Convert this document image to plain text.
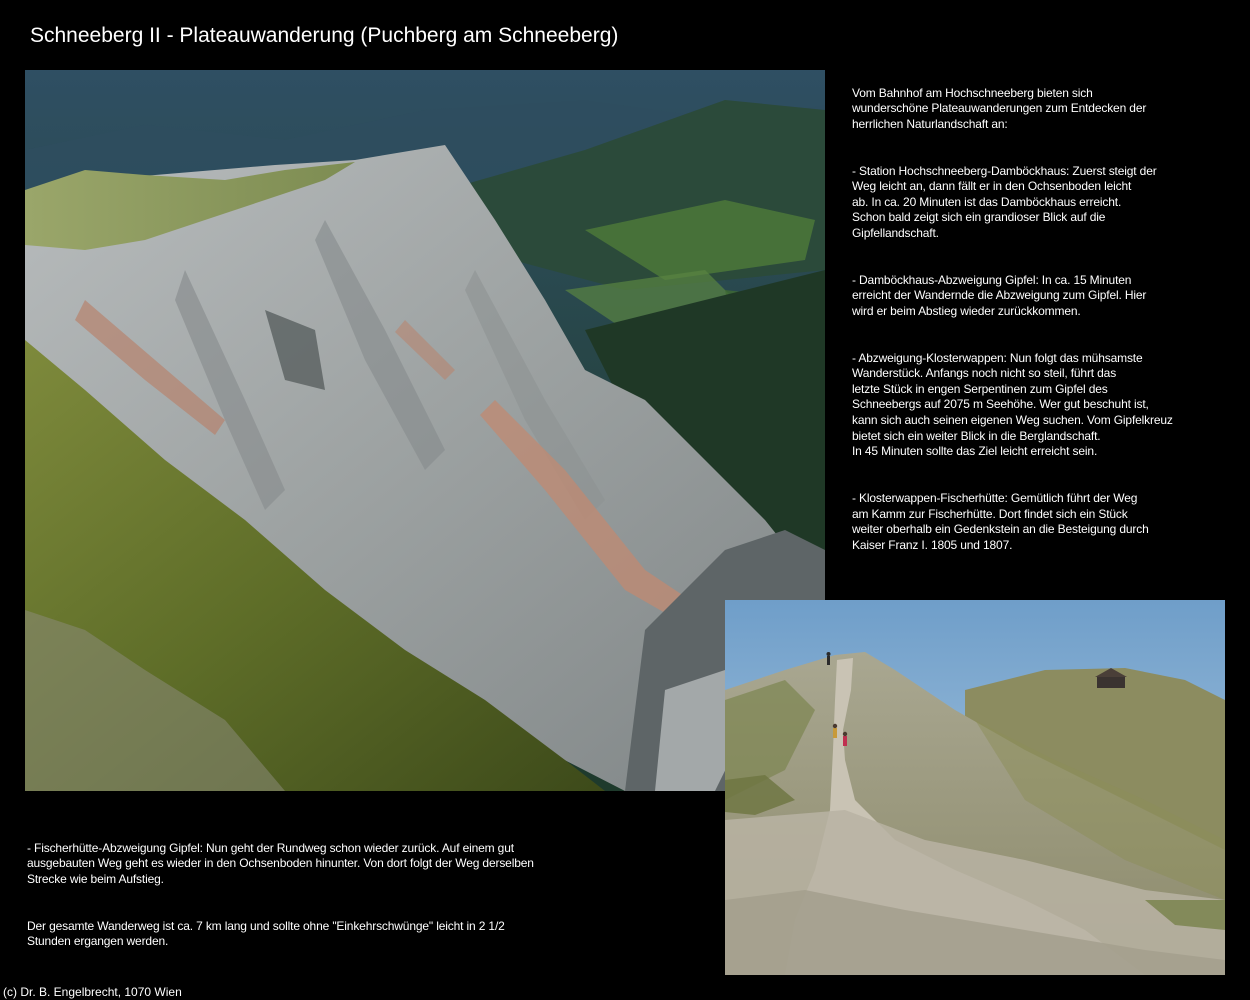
Schneeberg II - Plateauwanderung (Puchberg am Schneeberg)

Vom Bahnhof am Hochschneeberg bieten sich
wunderschöne Plateauwanderungen zum Entdecken der
herrlichen Naturlandschaft an:

- Station Hochschneeberg-Damböckhaus: Zuerst steigt der
Weg leicht an, dann fällt er in den Ochsenboden leicht
ab. In ca. 20 Minuten ist das Damböckhaus erreicht.
Schon bald zeigt sich ein grandioser Blick auf die
Gipfellandschaft.

- Damböckhaus-Abzweigung Gipfel: In ca. 15 Minuten
erreicht der Wandernde die Abzweigung zum Gipfel. Hier
wird er beim Abstieg wieder zurückkommen.

- Abzweigung-Klosterwappen: Nun folgt das mühsamste
Wanderstück. Anfangs noch nicht so steil, führt das
letzte Stück in engen Serpentinen zum Gipfel des
Schneebergs auf 2075 m Seehöhe. Wer gut beschuht ist,
kann sich auch seinen eigenen Weg suchen. Vom Gipfelkreuz
bietet sich ein weiter Blick in die Berglandschaft.
In 45 Minuten sollte das Ziel leicht erreicht sein.

- Klosterwappen-Fischerhütte: Gemütlich führt der Weg
am Kamm zur Fischerhütte. Dort findet sich ein Stück
weiter oberhalb ein Gedenkstein an die Besteigung durch
Kaiser Franz I. 1805 und 1807.

- Fischerhütte-Abzweigung Gipfel: Nun geht der Rundweg schon wieder zurück. Auf einem gut
ausgebauten Weg geht es wieder in den Ochsenboden hinunter. Von dort folgt der Weg derselben
Strecke wie beim Aufstieg.

Der gesamte Wanderweg ist ca. 7 km lang und sollte ohne "Einkehrschwünge" leicht in 2 1/2
Stunden ergangen werden.

(c) Dr. B. Engelbrecht, 1070 Wien
